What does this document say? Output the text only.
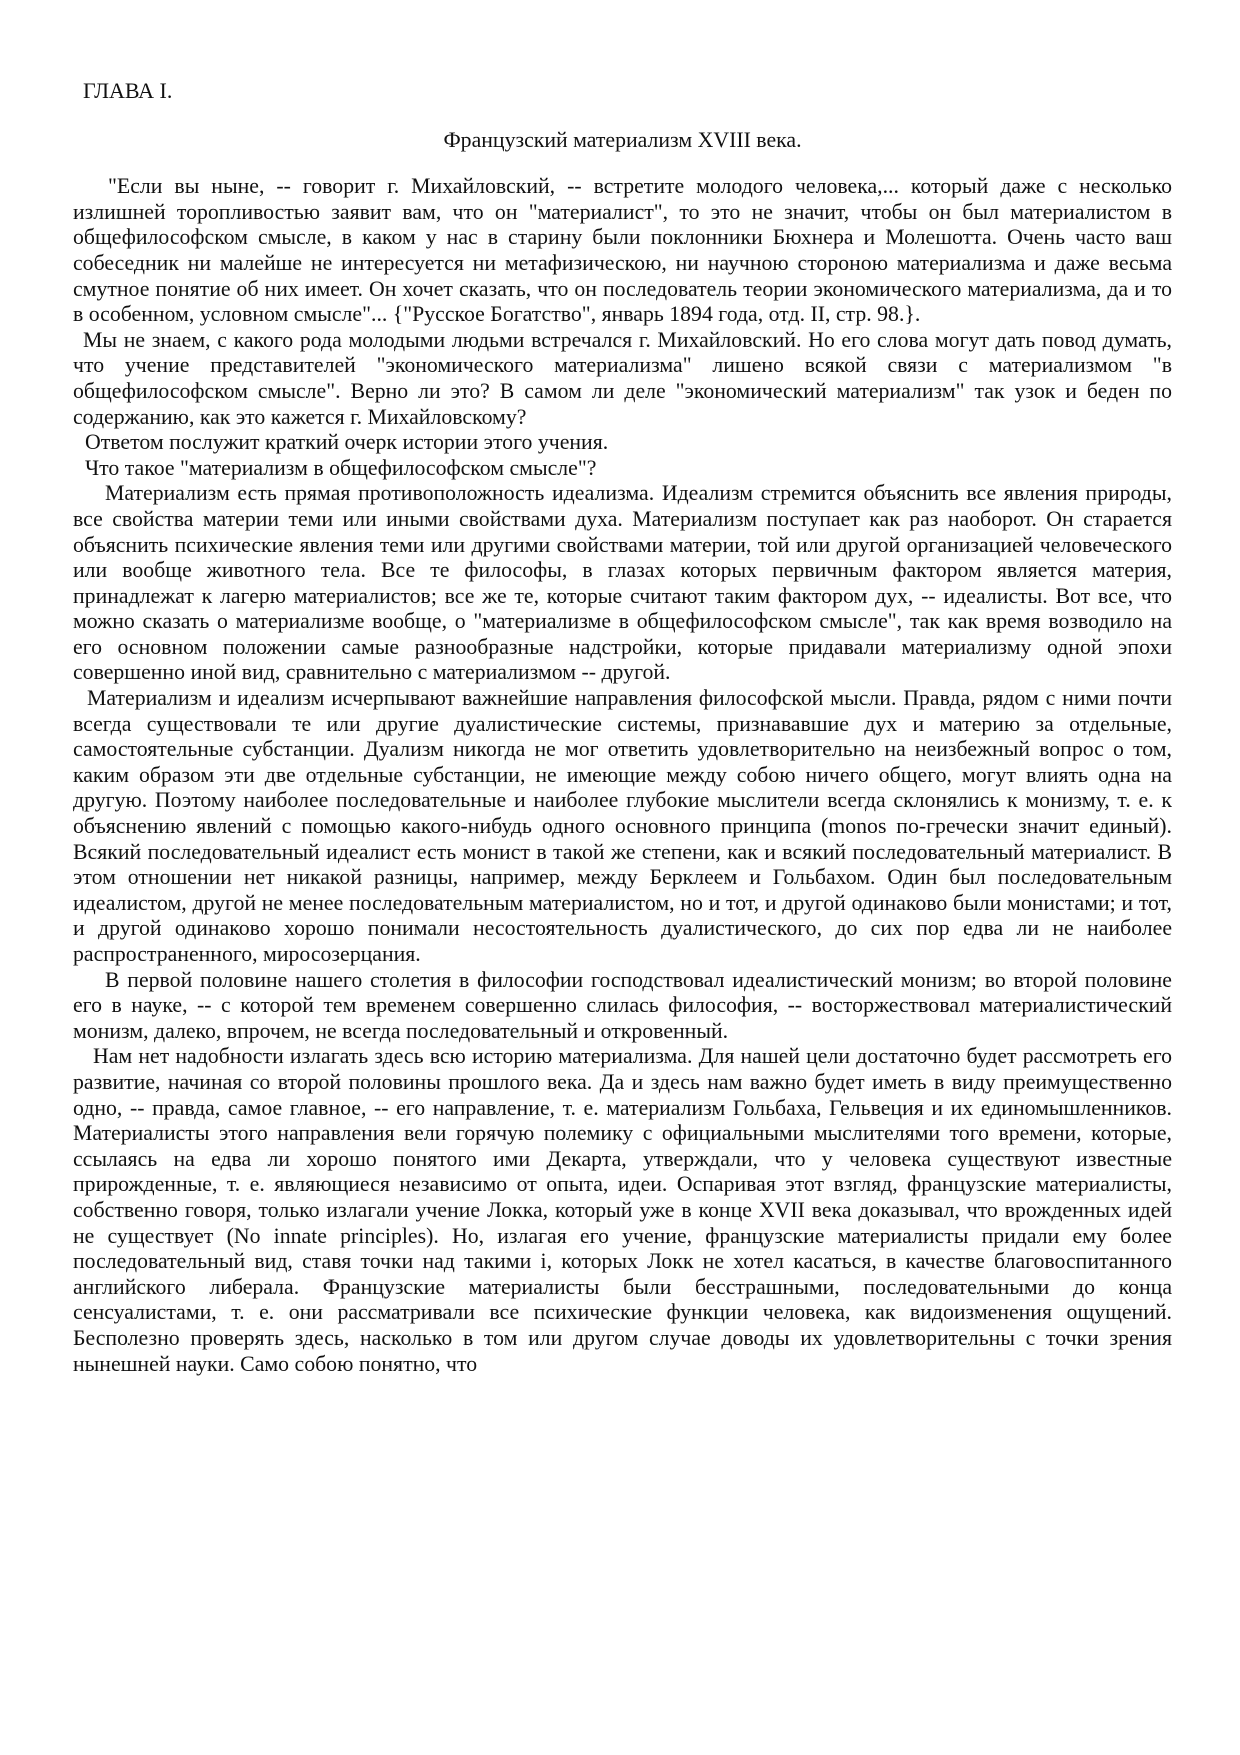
ГЛАВА I.
Французский материализм XVIII века.

"Если вы ныне, -- говорит г. Михайловский, -- встретите молодого человека,... который даже с несколько излишней торопливостью заявит вам, что он "материалист", то это не значит, чтобы он был материалистом в общефилософском смысле, в каком у нас в старину были поклонники Бюхнера и Молешотта. Очень часто ваш собеседник ни малейше не интересуется ни метафизическою, ни научною стороною материализма и даже весьма смутное понятие об них имеет. Он хочет сказать, что он последователь теории экономического материализма, да и то в особенном, условном смысле"... {"Русское Богатство", январь 1894 года, отд. II, стр. 98.}.

Мы не знаем, с какого рода молодыми людьми встречался г. Михайловский. Но его слова могут дать повод думать, что учение представителей "экономического материализма" лишено всякой связи с материализмом "в общефилософском смысле". Верно ли это? В самом ли деле "экономический материализм" так узок и беден по содержанию, как это кажется г. Михайловскому?

Ответом послужит краткий очерк истории этого учения.

Что такое "материализм в общефилософском смысле"?

Материализм есть прямая противоположность идеализма. Идеализм стремится объяснить все явления природы, все свойства материи теми или иными свойствами духа. Материализм поступает как раз наоборот. Он старается объяснить психические явления теми или другими свойствами материи, той или другой организацией человеческого или вообще животного тела. Все те философы, в глазах которых первичным фактором является материя, принадлежат к лагерю материалистов; все же те, которые считают таким фактором дух, -- идеалисты. Вот все, что можно сказать о материализме вообще, о "материализме в общефилософском смысле", так как время возводило на его основном положении самые разнообразные надстройки, которые придавали материализму одной эпохи совершенно иной вид, сравнительно с материализмом -- другой.

Материализм и идеализм исчерпывают важнейшие направления философской мысли. Правда, рядом с ними почти всегда существовали те или другие дуалистические системы, признававшие дух и материю за отдельные, самостоятельные субстанции. Дуализм никогда не мог ответить удовлетворительно на неизбежный вопрос о том, каким образом эти две отдельные субстанции, не имеющие между собою ничего общего, могут влиять одна на другую. Поэтому наиболее последовательные и наиболее глубокие мыслители всегда склонялись к монизму, т. е. к объяснению явлений с помощью какого-нибудь одного основного принципа (monos по-гречески значит единый). Всякий последовательный идеалист есть монист в такой же степени, как и всякий последовательный материалист. В этом отношении нет никакой разницы, например, между Берклеем и Гольбахом. Один был последовательным идеалистом, другой не менее последовательным материалистом, но и тот, и другой одинаково были монистами; и тот, и другой одинаково хорошо понимали несостоятельность дуалистического, до сих пор едва ли не наиболее распространенного, миросозерцания.

В первой половине нашего столетия в философии господствовал идеалистический монизм; во второй половине его в науке, -- с которой тем временем совершенно слилась философия, -- восторжествовал материалистический монизм, далеко, впрочем, не всегда последовательный и откровенный.

Нам нет надобности излагать здесь всю историю материализма. Для нашей цели достаточно будет рассмотреть его развитие, начиная со второй половины прошлого века. Да и здесь нам важно будет иметь в виду преимущественно одно, -- правда, самое главное, -- его направление, т. е. материализм Гольбаха, Гельвеция и их единомышленников. Материалисты этого направления вели горячую полемику с официальными мыслителями того времени, которые, ссылаясь на едва ли хорошо понятого ими Декарта, утверждали, что у человека существуют известные прирожденные, т. е. являющиеся независимо от опыта, идеи. Оспаривая этот взгляд, французские материалисты, собственно говоря, только излагали учение Локка, который уже в конце XVII века доказывал, что врожденных идей не существует (No innate principles). Но, излагая его учение, французские материалисты придали ему более последовательный вид, ставя точки над такими i, которых Локк не хотел касаться, в качестве благовоспитанного английского либерала. Французские материалисты были бесстрашными, последовательными до конца сенсуалистами, т. е. они рассматривали все психические функции человека, как видоизменения ощущений. Бесполезно проверять здесь, насколько в том или другом случае доводы их удовлетворительны с точки зрения нынешней науки. Само собою понятно, что
